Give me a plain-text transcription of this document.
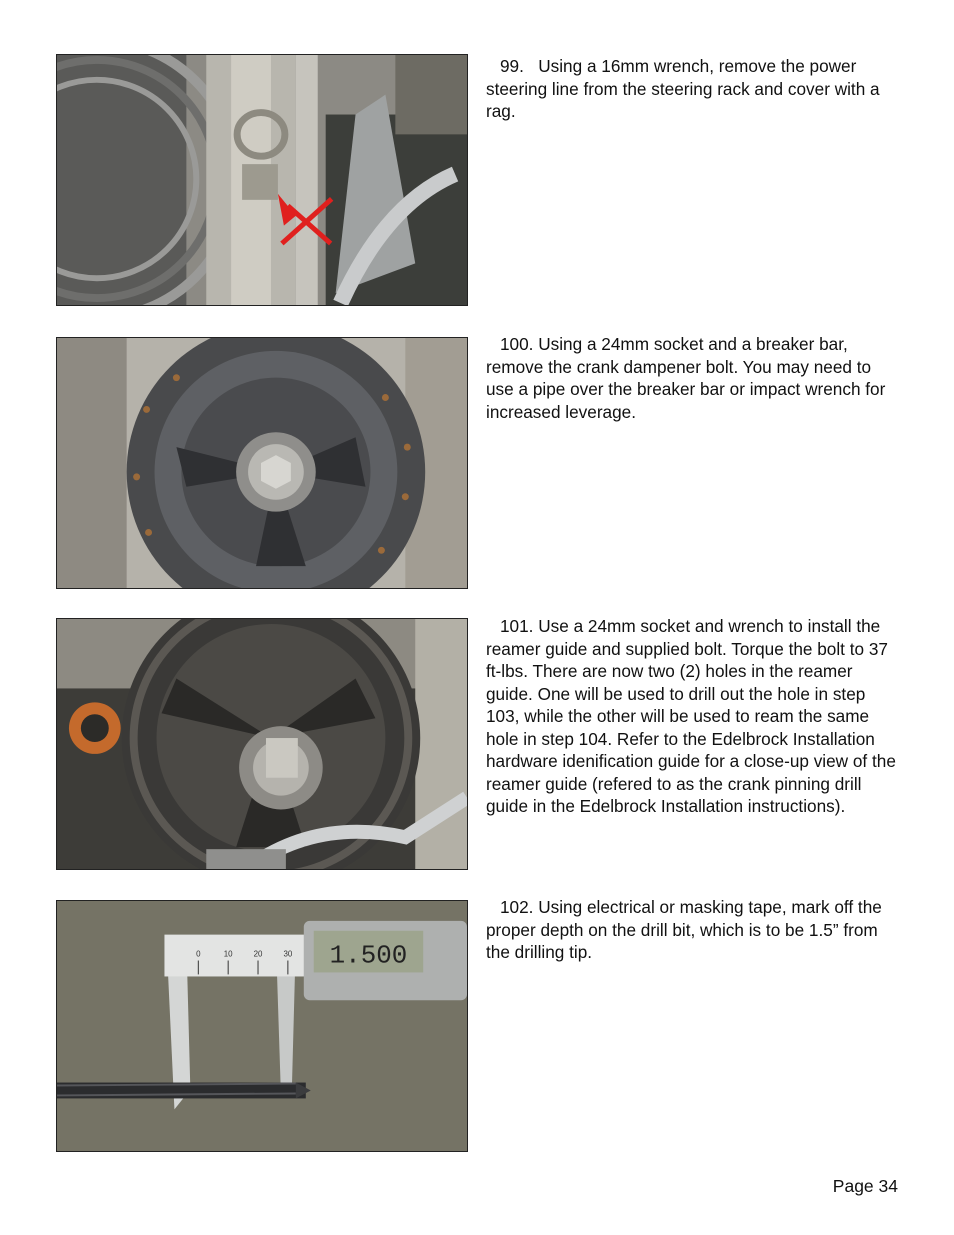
99. Using a 16mm wrench, remove the power steering line from the steering rack and cover with a rag.

100. Using a 24mm socket and a breaker bar, remove the crank dampener bolt. You may need to use a pipe over the breaker bar or impact wrench for increased leverage.

101. Use a 24mm socket and wrench to install the reamer guide and supplied bolt. Torque the bolt to 37 ft-lbs. There are now two (2) holes in the reamer guide. One will be used to drill out the hole in step 103, while the other will be used to ream the same hole in step 104. Refer to the Edelbrock Installation hardware idenification guide for a close-up view of the reamer guide (refered to as the crank pinning drill guide in the Edelbrock Installation instructions).

0	10	20	30 1.500

102. Using electrical or masking tape, mark off the proper depth on the drill bit, which is to be 1.5” from the drilling tip.

Page 34
